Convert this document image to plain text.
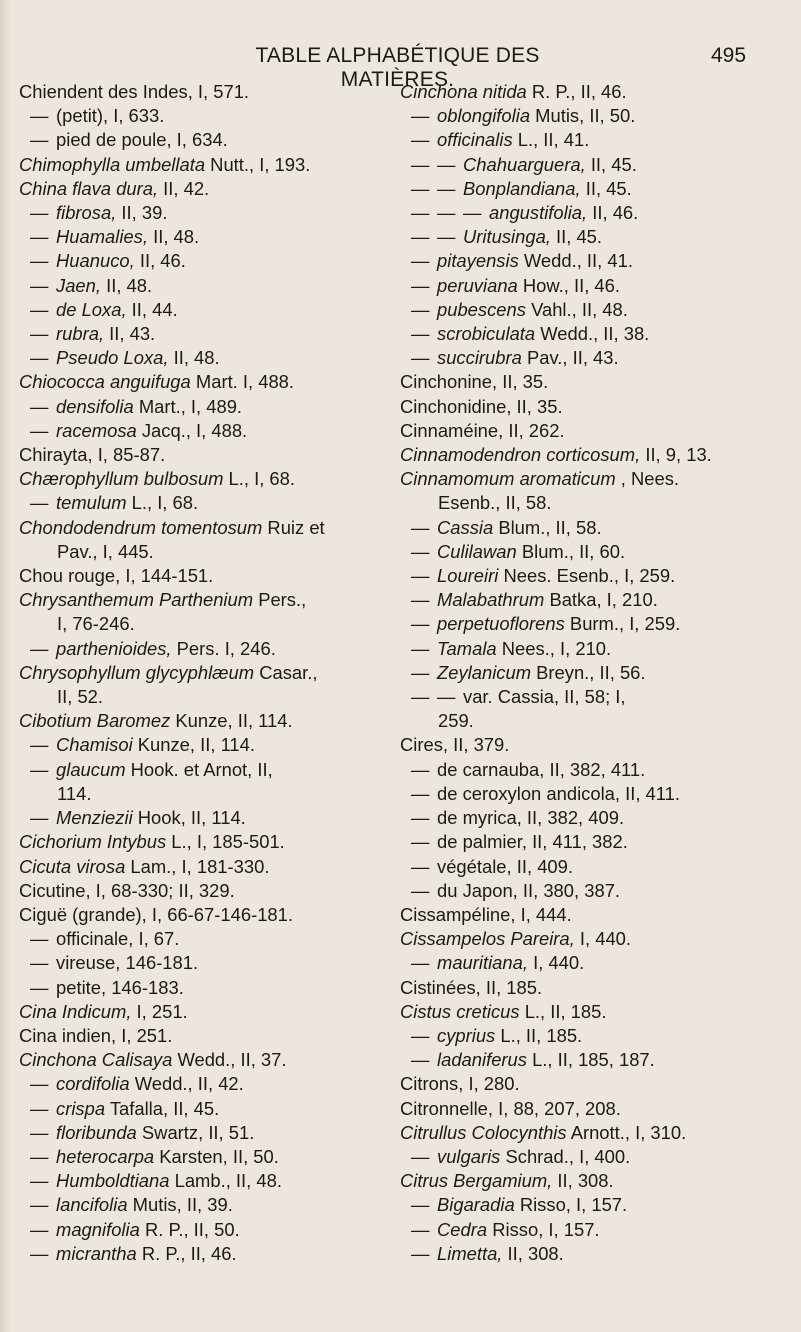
TABLE ALPHABÉTIQUE DES MATIÈRES.
495
Chiendent des Indes, I, 571.
— (petit), I, 633.
— pied de poule, I, 634.
Chimophylla umbellata Nutt., I, 193.
China flava dura, II, 42.
— fibrosa, II, 39.
— Huamalies, II, 48.
— Huanuco, II, 46.
— Jaen, II, 48.
— de Loxa, II, 44.
— rubra, II, 43.
— Pseudo Loxa, II, 48.
Chiococca anguifuga Mart. I, 488.
— densifolia Mart., I, 489.
— racemosa Jacq., I, 488.
Chirayta, I, 85-87.
Chærophyllum bulbosum L., I, 68.
— temulum L., I, 68.
Chondodendrum tomentosum Ruiz et
Pav., I, 445.
Chou rouge, I, 144-151.
Chrysanthemum Parthenium Pers.,
I, 76-246.
— parthenioides, Pers. I, 246.
Chrysophyllum glycyphlæum Casar.,
II, 52.
Cibotium Baromez Kunze, II, 114.
— Chamisoi Kunze, II, 114.
— glaucum Hook. et Arnot, II,
114.
— Menziezii Hook, II, 114.
Cichorium Intybus L., I, 185-501.
Cicuta virosa Lam., I, 181-330.
Cicutine, I, 68-330; II, 329.
Ciguë (grande), I, 66-67-146-181.
— officinale, I, 67.
— vireuse, 146-181.
— petite, 146-183.
Cina Indicum, I, 251.
Cina indien, I, 251.
Cinchona Calisaya Wedd., II, 37.
— cordifolia Wedd., II, 42.
— crispa Tafalla, II, 45.
— floribunda Swartz, II, 51.
— heterocarpa Karsten, II, 50.
— Humboldtiana Lamb., II, 48.
— lancifolia Mutis, II, 39.
— magnifolia R. P., II, 50.
— micrantha R. P., II, 46.
Cinchona nitida R. P., II, 46.
— oblongifolia Mutis, II, 50.
— officinalis L., II, 41.
— — Chahuarguera, II, 45.
— — Bonplandiana, II, 45.
— — — angustifolia, II, 46.
— — Uritusinga, II, 45.
— pitayensis Wedd., II, 41.
— peruviana How., II, 46.
— pubescens Vahl., II, 48.
— scrobiculata Wedd., II, 38.
— succirubra Pav., II, 43.
Cinchonine, II, 35.
Cinchonidine, II, 35.
Cinnaméine, II, 262.
Cinnamodendron corticosum, II, 9, 13.
Cinnamomum aromaticum , Nees.
Esenb., II, 58.
— Cassia Blum., II, 58.
— Culilawan Blum., II, 60.
— Loureiri Nees. Esenb., I, 259.
— Malabathrum Batka, I, 210.
— perpetuoflorens Burm., I, 259.
— Tamala Nees., I, 210.
— Zeylanicum Breyn., II, 56.
— — var. Cassia, II, 58; I,
259.
Cires, II, 379.
— de carnauba, II, 382, 411.
— de ceroxylon andicola, II, 411.
— de myrica, II, 382, 409.
— de palmier, II, 411, 382.
— végétale, II, 409.
— du Japon, II, 380, 387.
Cissampéline, I, 444.
Cissampelos Pareira, I, 440.
— mauritiana, I, 440.
Cistinées, II, 185.
Cistus creticus L., II, 185.
— cyprius L., II, 185.
— ladaniferus L., II, 185, 187.
Citrons, I, 280.
Citronnelle, I, 88, 207, 208.
Citrullus Colocynthis Arnott., I, 310.
— vulgaris Schrad., I, 400.
Citrus Bergamium, II, 308.
— Bigaradia Risso, I, 157.
— Cedra Risso, I, 157.
— Limetta, II, 308.
